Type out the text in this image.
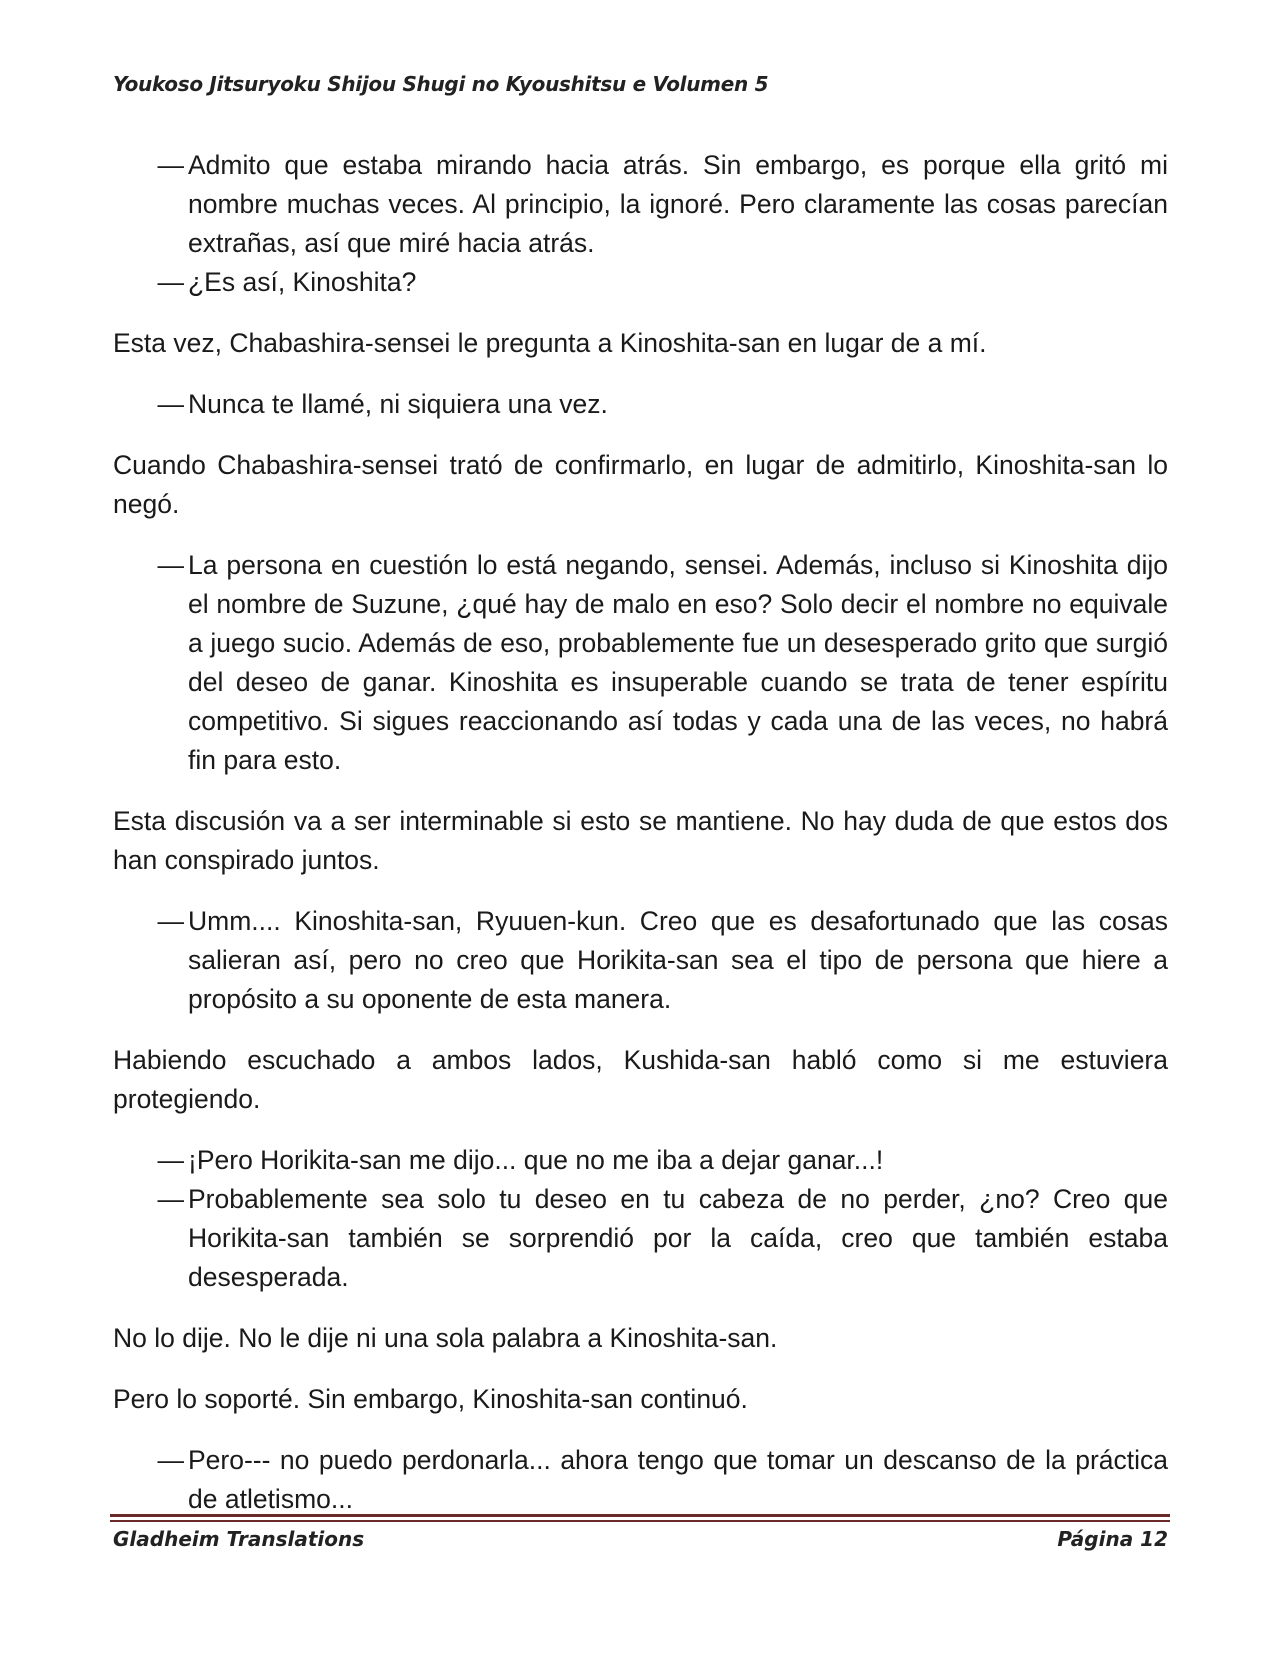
Youkoso Jitsuryoku Shijou Shugi no Kyoushitsu e Volumen 5
— Admito que estaba mirando hacia atrás. Sin embargo, es porque ella gritó mi nombre muchas veces. Al principio, la ignoré. Pero claramente las cosas parecían extrañas, así que miré hacia atrás.
— ¿Es así, Kinoshita?

Esta vez, Chabashira-sensei le pregunta a Kinoshita-san en lugar de a mí.

— Nunca te llamé, ni siquiera una vez.

Cuando Chabashira-sensei trató de confirmarlo, en lugar de admitirlo, Kinoshita-san lo negó.

— La persona en cuestión lo está negando, sensei. Además, incluso si Kinoshita dijo el nombre de Suzune, ¿qué hay de malo en eso? Solo decir el nombre no equivale a juego sucio. Además de eso, probablemente fue un desesperado grito que surgió del deseo de ganar. Kinoshita es insuperable cuando se trata de tener espíritu competitivo. Si sigues reaccionando así todas y cada una de las veces, no habrá fin para esto.

Esta discusión va a ser interminable si esto se mantiene. No hay duda de que estos dos han conspirado juntos.

— Umm.... Kinoshita-san, Ryuuen-kun. Creo que es desafortunado que las cosas salieran así, pero no creo que Horikita-san sea el tipo de persona que hiere a propósito a su oponente de esta manera.

Habiendo escuchado a ambos lados, Kushida-san habló como si me estuviera protegiendo.

— ¡Pero Horikita-san me dijo... que no me iba a dejar ganar...!
— Probablemente sea solo tu deseo en tu cabeza de no perder, ¿no? Creo que Horikita-san también se sorprendió por la caída, creo que también estaba desesperada.

No lo dije. No le dije ni una sola palabra a Kinoshita-san.

Pero lo soporté. Sin embargo, Kinoshita-san continuó.

— Pero--- no puedo perdonarla... ahora tengo que tomar un descanso de la práctica de atletismo...
Gladheim Translations	Página 12
